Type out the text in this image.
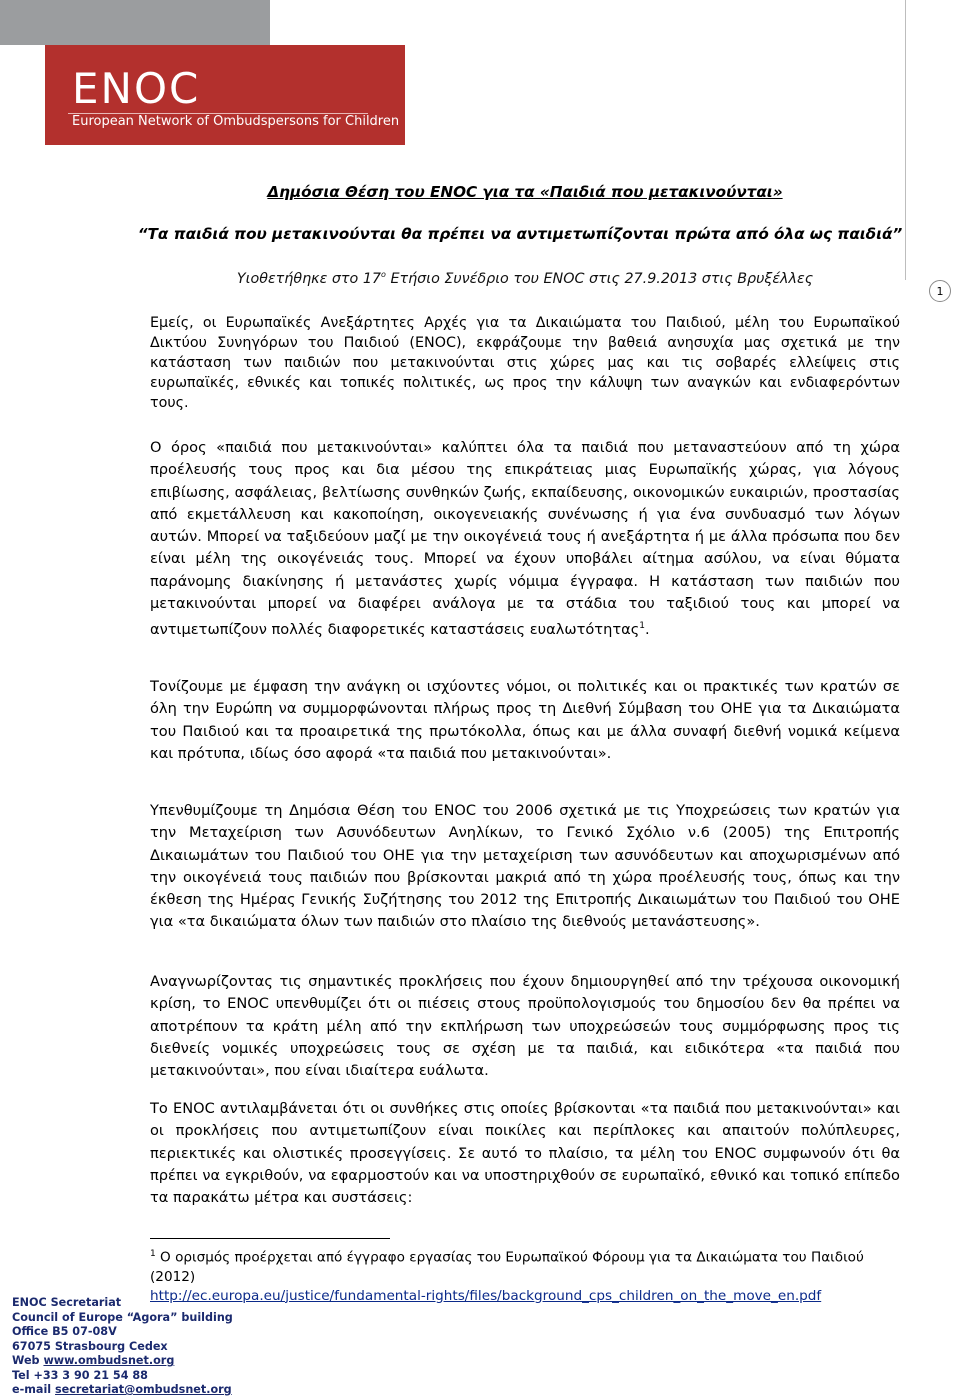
ENOC
European Network of Ombudspersons for Children
1
Δημόσια Θέση του ENOC για τα «Παιδιά που μετακινούνται»
“Τα παιδιά που μετακινούνται θα πρέπει να αντιμετωπίζονται πρώτα από όλα ως παιδιά”
Υιοθετήθηκε στο $17^o$ Ετήσιο Συνέδριο του ENOC στις 27.9.2013 στις Βρυξέλλες

Εμείς, οι Ευρωπαϊκές Ανεξάρτητες Αρχές για τα Δικαιώματα του Παιδιού, μέλη του Ευρωπαϊκού Δικτύου Συνηγόρων του Παιδιού (ENOC), εκφράζουμε την βαθειά ανησυχία μας σχετικά με την κατάσταση των παιδιών που μετακινούνται στις χώρες μας και τις σοβαρές ελλείψεις στις ευρωπαϊκές, εθνικές και τοπικές πολιτικές, ως προς την κάλυψη των αναγκών και ενδιαφερόντων τους.

Ο όρος «παιδιά που μετακινούνται» καλύπτει όλα τα παιδιά που μεταναστεύουν από τη χώρα προέλευσής τους προς και δια μέσου της επικράτειας μιας Ευρωπαϊκής χώρας, για λόγους επιβίωσης, ασφάλειας, βελτίωσης συνθηκών ζωής, εκπαίδευσης, οικονομικών ευκαιριών, προστασίας από εκμετάλλευση και κακοποίηση, οικογενειακής συνένωσης ή για ένα συνδυασμό των λόγων αυτών. Μπορεί να ταξιδεύουν μαζί με την οικογένειά τους ή ανεξάρτητα ή με άλλα πρόσωπα που δεν είναι μέλη της οικογένειάς τους. Μπορεί να έχουν υποβάλει αίτημα ασύλου, να είναι θύματα παράνομης διακίνησης ή μετανάστες χωρίς νόμιμα έγγραφα. Η κατάσταση των παιδιών που μετακινούνται μπορεί να διαφέρει ανάλογα με τα στάδια του ταξιδιού τους και μπορεί να αντιμετωπίζουν πολλές διαφορετικές καταστάσεις ευαλωτότητας$^1$.

Τονίζουμε με έμφαση την ανάγκη οι ισχύοντες νόμοι, οι πολιτικές και οι πρακτικές των κρατών σε όλη την Ευρώπη να συμμορφώνονται πλήρως προς τη Διεθνή Σύμβαση του ΟΗΕ για τα Δικαιώματα του Παιδιού και τα προαιρετικά της πρωτόκολλα, όπως και με άλλα συναφή διεθνή νομικά κείμενα και πρότυπα, ιδίως όσο αφορά «τα παιδιά που μετακινούνται».

Υπενθυμίζουμε τη Δημόσια Θέση του ENOC του 2006 σχετικά με τις Υποχρεώσεις των κρατών για την Μεταχείριση των Ασυνόδευτων Ανηλίκων, το Γενικό Σχόλιο ν.6 (2005) της Επιτροπής Δικαιωμάτων του Παιδιού του ΟΗΕ για την μεταχείριση των ασυνόδευτων και αποχωρισμένων από την οικογένειά τους παιδιών που βρίσκονται μακριά από τη χώρα προέλευσής τους, όπως και την έκθεση της Ημέρας Γενικής Συζήτησης του 2012 της Επιτροπής Δικαιωμάτων του Παιδιού του ΟΗΕ για «τα δικαιώματα όλων των παιδιών στο πλαίσιο της διεθνούς μετανάστευσης».

Αναγνωρίζοντας τις σημαντικές προκλήσεις που έχουν δημιουργηθεί από την τρέχουσα οικονομική κρίση, το ENOC υπενθυμίζει ότι οι πιέσεις στους προϋπολογισμούς του δημοσίου δεν θα πρέπει να αποτρέπουν τα κράτη μέλη από την εκπλήρωση των υποχρεώσεών τους συμμόρφωσης προς τις διεθνείς νομικές υποχρεώσεις τους σε σχέση με τα παιδιά, και ειδικότερα «τα παιδιά που μετακινούνται», που είναι ιδιαίτερα ευάλωτα.

Το ENOC αντιλαμβάνεται ότι οι συνθήκες στις οποίες βρίσκονται «τα παιδιά που μετακινούνται» και οι προκλήσεις που αντιμετωπίζουν είναι ποικίλες και περίπλοκες και απαιτούν πολύπλευρες, περιεκτικές και ολιστικές προσεγγίσεις. Σε αυτό το πλαίσιο, τα μέλη του ENOC συμφωνούν ότι θα πρέπει να εγκριθούν, να εφαρμοστούν και να υποστηριχθούν σε ευρωπαϊκό, εθνικό και τοπικό επίπεδο τα παρακάτω μέτρα και συστάσεις:

$^1$ Ο ορισμός προέρχεται από έγγραφο εργασίας του Ευρωπαϊκού Φόρουμ για τα Δικαιώματα του Παιδιού (2012)
http://ec.europa.eu/justice/fundamental-rights/files/background_cps_children_on_the_move_en.pdf
ENOC Secretariat
Council of Europe “Agora” building
Office B5 07-08V
67075 Strasbourg Cedex
Web www.ombudsnet.org
Tel +33 3 90 21 54 88
e-mail secretariat@ombudsnet.org
